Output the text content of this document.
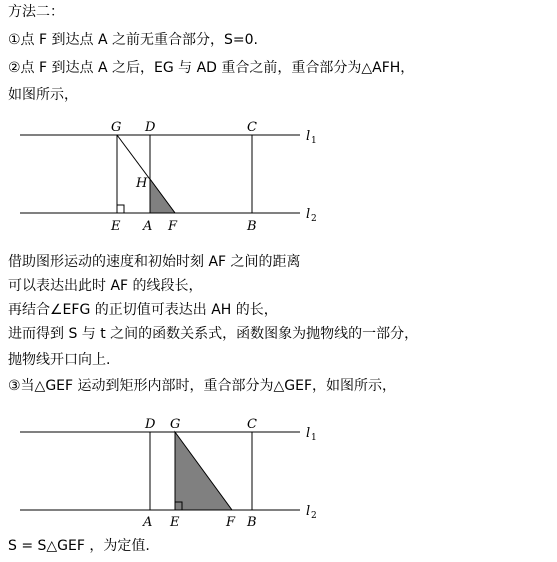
方法二：
①点 F 到达点 A 之前无重合部分，S=0.
②点 F 到达点 A 之后，EG 与 AD 重合之前，重合部分为△AFH，
如图所示，
G D	C
H
E A F	B
l 1
l 2
借助图形运动的速度和初始时刻 AF 之间的距离
可以表达出此时 AF 的线段长，
再结合∠EFG 的正切值可表达出 AH 的长，
进而得到 S 与 t 之间的函数关系式，函数图象为抛物线的一部分，
抛物线开口向上.
③当△GEF 运动到矩形内部时，重合部分为△GEF，如图所示，
D G	C
A E	F B
l 1
l 2
S = S△GEF ，为定值.
